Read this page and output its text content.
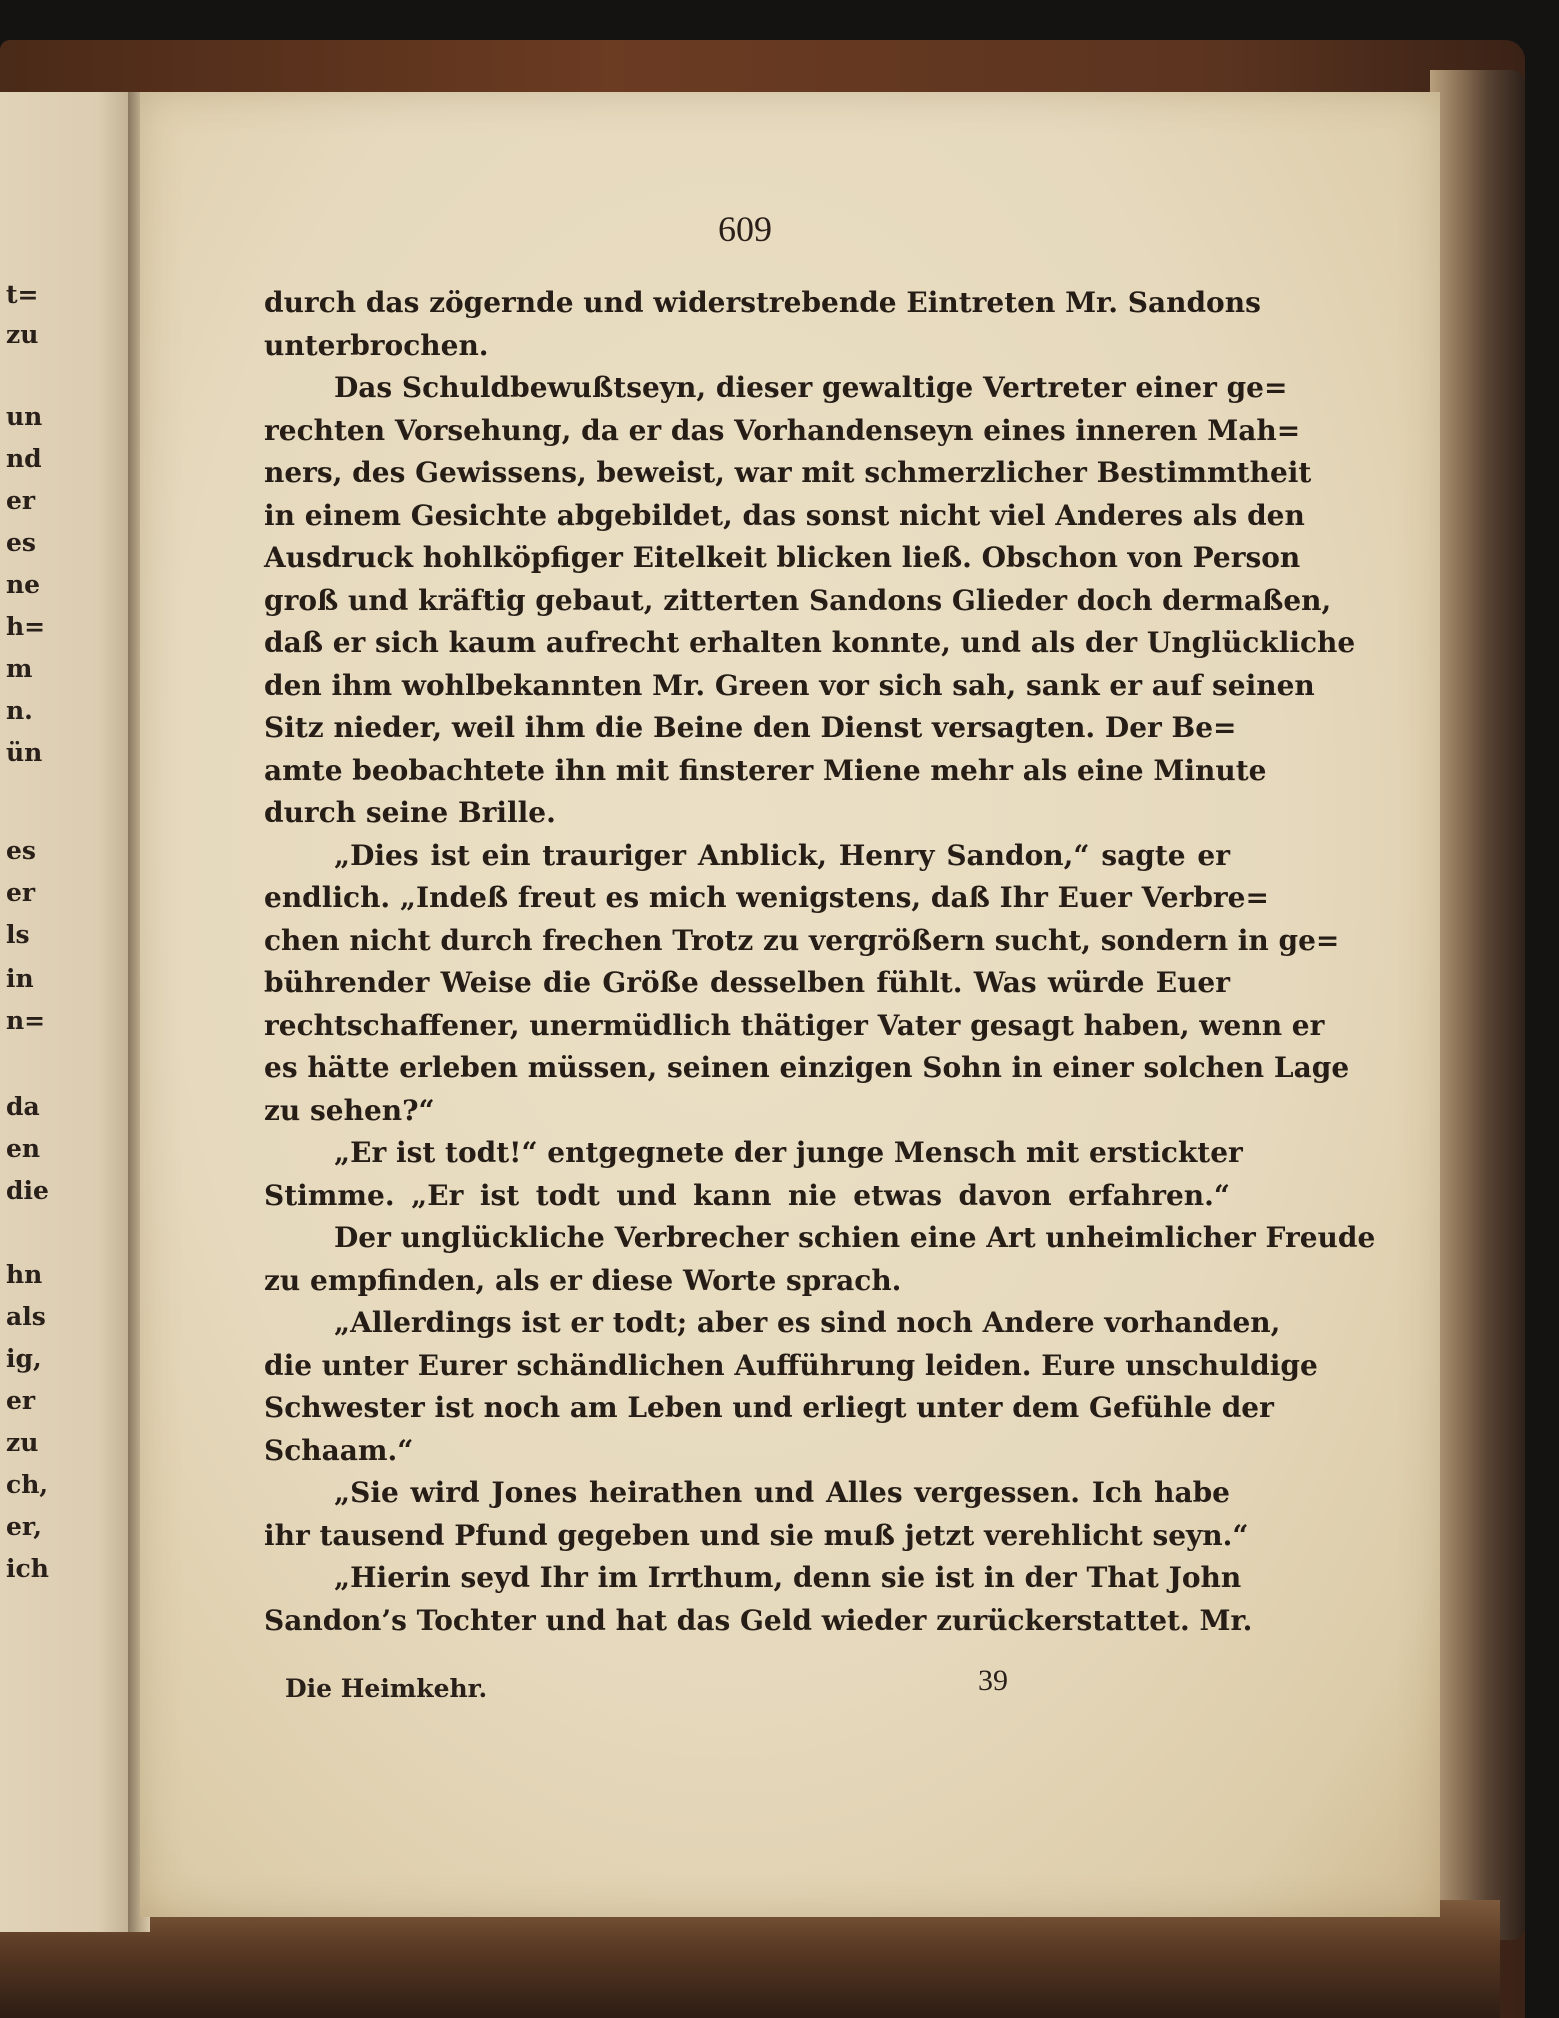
t=
zu
un
nd
er
es
ne
h=
m
n.
ün
es
er
ls
in
n=
da
en
die
hn
als
ig,
er
zu
ch,
er,
ich
609
durch das zögernde und widerstrebende Eintreten Mr. Sandons
unterbrochen.
Das Schuldbewußtseyn, dieser gewaltige Vertreter einer ge=
rechten Vorsehung, da er das Vorhandenseyn eines inneren Mah=
ners, des Gewissens, beweist, war mit schmerzlicher Bestimmtheit
in einem Gesichte abgebildet, das sonst nicht viel Anderes als den
Ausdruck hohlköpfiger Eitelkeit blicken ließ. Obschon von Person
groß und kräftig gebaut, zitterten Sandons Glieder doch dermaßen,
daß er sich kaum aufrecht erhalten konnte, und als der Unglückliche
den ihm wohlbekannten Mr. Green vor sich sah, sank er auf seinen
Sitz nieder, weil ihm die Beine den Dienst versagten. Der Be=
amte beobachtete ihn mit finsterer Miene mehr als eine Minute
durch seine Brille.
„Dies ist ein trauriger Anblick, Henry Sandon,“ sagte er
endlich. „Indeß freut es mich wenigstens, daß Ihr Euer Verbre=
chen nicht durch frechen Trotz zu vergrößern sucht, sondern in ge=
bührender Weise die Größe desselben fühlt. Was würde Euer
rechtschaffener, unermüdlich thätiger Vater gesagt haben, wenn er
es hätte erleben müssen, seinen einzigen Sohn in einer solchen Lage
zu sehen?“
„Er ist todt!“ entgegnete der junge Mensch mit erstickter
Stimme. „Er ist todt und kann nie etwas davon erfahren.“
Der unglückliche Verbrecher schien eine Art unheimlicher Freude
zu empfinden, als er diese Worte sprach.
„Allerdings ist er todt; aber es sind noch Andere vorhanden,
die unter Eurer schändlichen Aufführung leiden. Eure unschuldige
Schwester ist noch am Leben und erliegt unter dem Gefühle der
Schaam.“
„Sie wird Jones heirathen und Alles vergessen. Ich habe
ihr tausend Pfund gegeben und sie muß jetzt verehlicht seyn.“
„Hierin seyd Ihr im Irrthum, denn sie ist in der That John
Sandon’s Tochter und hat das Geld wieder zurückerstattet. Mr.
Die Heimkehr.	39
